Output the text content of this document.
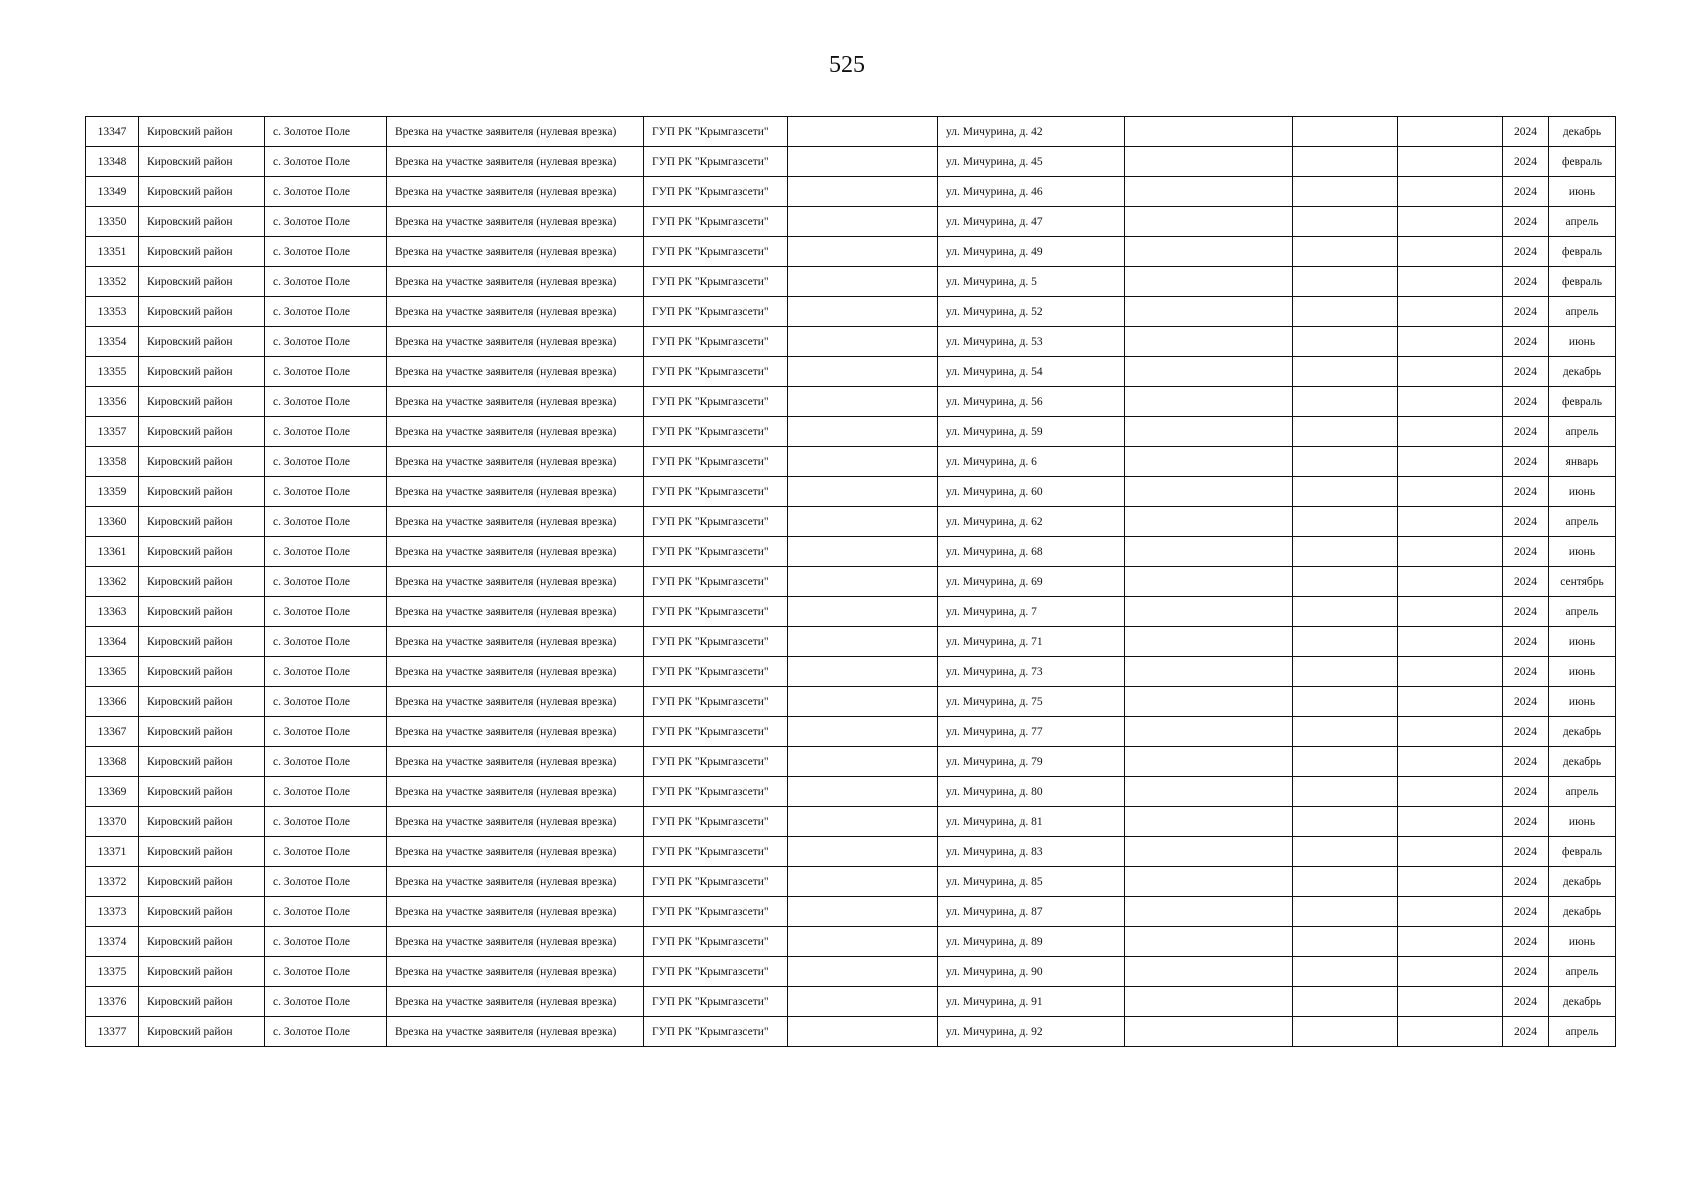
525
13347	Кировский район	с. Золотое Поле	Врезка на участке заявителя (нулевая врезка)	ГУП РК "Крымгазсети"		ул. Мичурина, д. 42				2024	декабрь
13348	Кировский район	с. Золотое Поле	Врезка на участке заявителя (нулевая врезка)	ГУП РК "Крымгазсети"		ул. Мичурина, д. 45				2024	февраль
13349	Кировский район	с. Золотое Поле	Врезка на участке заявителя (нулевая врезка)	ГУП РК "Крымгазсети"		ул. Мичурина, д. 46				2024	июнь
13350	Кировский район	с. Золотое Поле	Врезка на участке заявителя (нулевая врезка)	ГУП РК "Крымгазсети"		ул. Мичурина, д. 47				2024	апрель
13351	Кировский район	с. Золотое Поле	Врезка на участке заявителя (нулевая врезка)	ГУП РК "Крымгазсети"		ул. Мичурина, д. 49				2024	февраль
13352	Кировский район	с. Золотое Поле	Врезка на участке заявителя (нулевая врезка)	ГУП РК "Крымгазсети"		ул. Мичурина, д. 5				2024	февраль
13353	Кировский район	с. Золотое Поле	Врезка на участке заявителя (нулевая врезка)	ГУП РК "Крымгазсети"		ул. Мичурина, д. 52				2024	апрель
13354	Кировский район	с. Золотое Поле	Врезка на участке заявителя (нулевая врезка)	ГУП РК "Крымгазсети"		ул. Мичурина, д. 53				2024	июнь
13355	Кировский район	с. Золотое Поле	Врезка на участке заявителя (нулевая врезка)	ГУП РК "Крымгазсети"		ул. Мичурина, д. 54				2024	декабрь
13356	Кировский район	с. Золотое Поле	Врезка на участке заявителя (нулевая врезка)	ГУП РК "Крымгазсети"		ул. Мичурина, д. 56				2024	февраль
13357	Кировский район	с. Золотое Поле	Врезка на участке заявителя (нулевая врезка)	ГУП РК "Крымгазсети"		ул. Мичурина, д. 59				2024	апрель
13358	Кировский район	с. Золотое Поле	Врезка на участке заявителя (нулевая врезка)	ГУП РК "Крымгазсети"		ул. Мичурина, д. 6				2024	январь
13359	Кировский район	с. Золотое Поле	Врезка на участке заявителя (нулевая врезка)	ГУП РК "Крымгазсети"		ул. Мичурина, д. 60				2024	июнь
13360	Кировский район	с. Золотое Поле	Врезка на участке заявителя (нулевая врезка)	ГУП РК "Крымгазсети"		ул. Мичурина, д. 62				2024	апрель
13361	Кировский район	с. Золотое Поле	Врезка на участке заявителя (нулевая врезка)	ГУП РК "Крымгазсети"		ул. Мичурина, д. 68				2024	июнь
13362	Кировский район	с. Золотое Поле	Врезка на участке заявителя (нулевая врезка)	ГУП РК "Крымгазсети"		ул. Мичурина, д. 69				2024	сентябрь
13363	Кировский район	с. Золотое Поле	Врезка на участке заявителя (нулевая врезка)	ГУП РК "Крымгазсети"		ул. Мичурина, д. 7				2024	апрель
13364	Кировский район	с. Золотое Поле	Врезка на участке заявителя (нулевая врезка)	ГУП РК "Крымгазсети"		ул. Мичурина, д. 71				2024	июнь
13365	Кировский район	с. Золотое Поле	Врезка на участке заявителя (нулевая врезка)	ГУП РК "Крымгазсети"		ул. Мичурина, д. 73				2024	июнь
13366	Кировский район	с. Золотое Поле	Врезка на участке заявителя (нулевая врезка)	ГУП РК "Крымгазсети"		ул. Мичурина, д. 75				2024	июнь
13367	Кировский район	с. Золотое Поле	Врезка на участке заявителя (нулевая врезка)	ГУП РК "Крымгазсети"		ул. Мичурина, д. 77				2024	декабрь
13368	Кировский район	с. Золотое Поле	Врезка на участке заявителя (нулевая врезка)	ГУП РК "Крымгазсети"		ул. Мичурина, д. 79				2024	декабрь
13369	Кировский район	с. Золотое Поле	Врезка на участке заявителя (нулевая врезка)	ГУП РК "Крымгазсети"		ул. Мичурина, д. 80				2024	апрель
13370	Кировский район	с. Золотое Поле	Врезка на участке заявителя (нулевая врезка)	ГУП РК "Крымгазсети"		ул. Мичурина, д. 81				2024	июнь
13371	Кировский район	с. Золотое Поле	Врезка на участке заявителя (нулевая врезка)	ГУП РК "Крымгазсети"		ул. Мичурина, д. 83				2024	февраль
13372	Кировский район	с. Золотое Поле	Врезка на участке заявителя (нулевая врезка)	ГУП РК "Крымгазсети"		ул. Мичурина, д. 85				2024	декабрь
13373	Кировский район	с. Золотое Поле	Врезка на участке заявителя (нулевая врезка)	ГУП РК "Крымгазсети"		ул. Мичурина, д. 87				2024	декабрь
13374	Кировский район	с. Золотое Поле	Врезка на участке заявителя (нулевая врезка)	ГУП РК "Крымгазсети"		ул. Мичурина, д. 89				2024	июнь
13375	Кировский район	с. Золотое Поле	Врезка на участке заявителя (нулевая врезка)	ГУП РК "Крымгазсети"		ул. Мичурина, д. 90				2024	апрель
13376	Кировский район	с. Золотое Поле	Врезка на участке заявителя (нулевая врезка)	ГУП РК "Крымгазсети"		ул. Мичурина, д. 91				2024	декабрь
13377	Кировский район	с. Золотое Поле	Врезка на участке заявителя (нулевая врезка)	ГУП РК "Крымгазсети"		ул. Мичурина, д. 92				2024	апрель
